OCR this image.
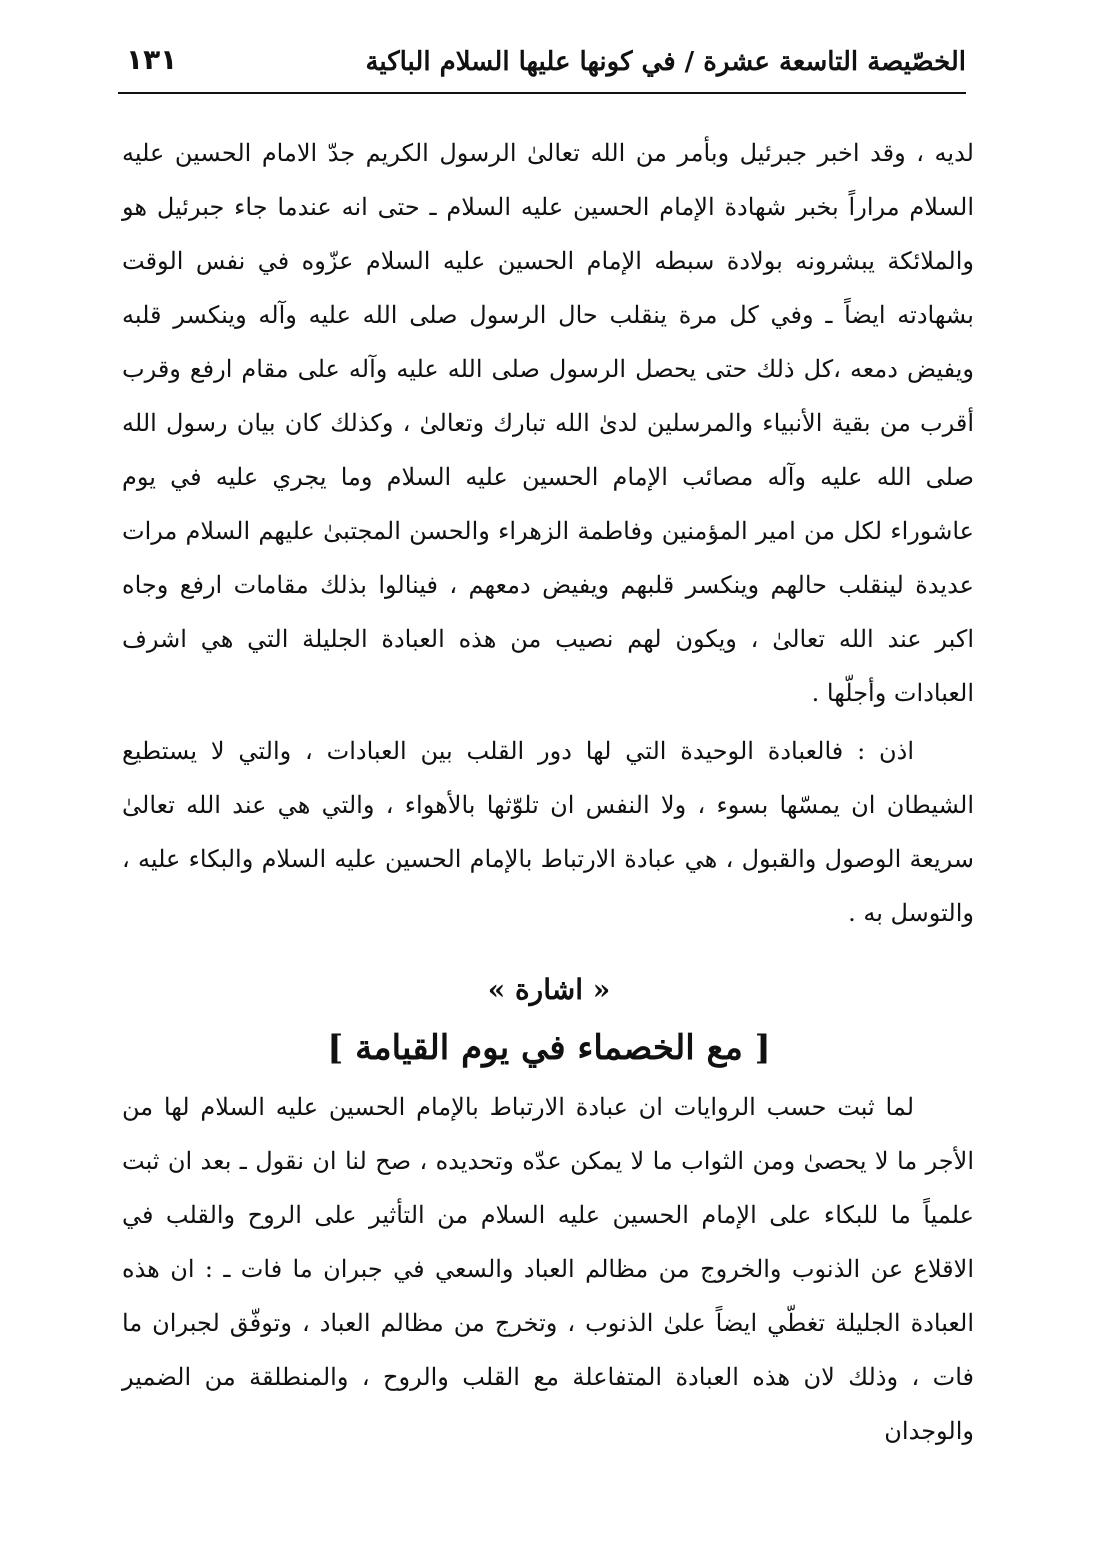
الخصّيصة التاسعة عشرة / في كونها عليها السلام الباكية
١٣١

لديه ، وقد اخبر جبرئيل وبأمر من الله تعالىٰ الرسول الكريم جدّ الامام الحسين عليه السلام مراراً بخبر شهادة الإمام الحسين عليه السلام ـ حتى انه عندما جاء جبرئيل هو والملائكة يبشرونه بولادة سبطه الإمام الحسين عليه السلام عزّوه في نفس الوقت بشهادته ايضاً ـ وفي كل مرة ينقلب حال الرسول صلى الله عليه وآله وينكسر قلبه ويفيض دمعه ،كل ذلك حتى يحصل الرسول صلى الله عليه وآله على مقام ارفع وقرب أقرب من بقية الأنبياء والمرسلين لدىٰ الله تبارك وتعالىٰ ، وكذلك كان بيان رسول الله صلى الله عليه وآله مصائب الإمام الحسين عليه السلام وما يجري عليه في يوم عاشوراء لكل من امير المؤمنين وفاطمة الزهراء والحسن المجتبىٰ عليهم السلام مرات عديدة لينقلب حالهم وينكسر قلبهم ويفيض دمعهم ، فينالوا بذلك مقامات ارفع وجاه اكبر عند الله تعالىٰ ، ويكون لهم نصيب من هذه العبادة الجليلة التي هي اشرف العبادات وأجلّها .

اذن : فالعبادة الوحيدة التي لها دور القلب بين العبادات ، والتي لا يستطيع الشيطان ان يمسّها بسوء ، ولا النفس ان تلوّثها بالأهواء ، والتي هي عند الله تعالىٰ سريعة الوصول والقبول ، هي عبادة الارتباط بالإمام الحسين عليه السلام والبكاء عليه ، والتوسل به .

« اشارة »
[ مع الخصماء في يوم القيامة ]

لما ثبت حسب الروايات ان عبادة الارتباط بالإمام الحسين عليه السلام لها من الأجر ما لا يحصىٰ ومن الثواب ما لا يمكن عدّه وتحديده ، صح لنا ان نقول ـ بعد ان ثبت علمياً ما للبكاء على الإمام الحسين عليه السلام من التأثير على الروح والقلب في الاقلاع عن الذنوب والخروج من مظالم العباد والسعي في جبران ما فات ـ : ان هذه العبادة الجليلة تغطّي ايضاً علىٰ الذنوب ، وتخرج من مظالم العباد ، وتوفّق لجبران ما فات ، وذلك لان هذه العبادة المتفاعلة مع القلب والروح ، والمنطلقة من الضمير والوجدان
